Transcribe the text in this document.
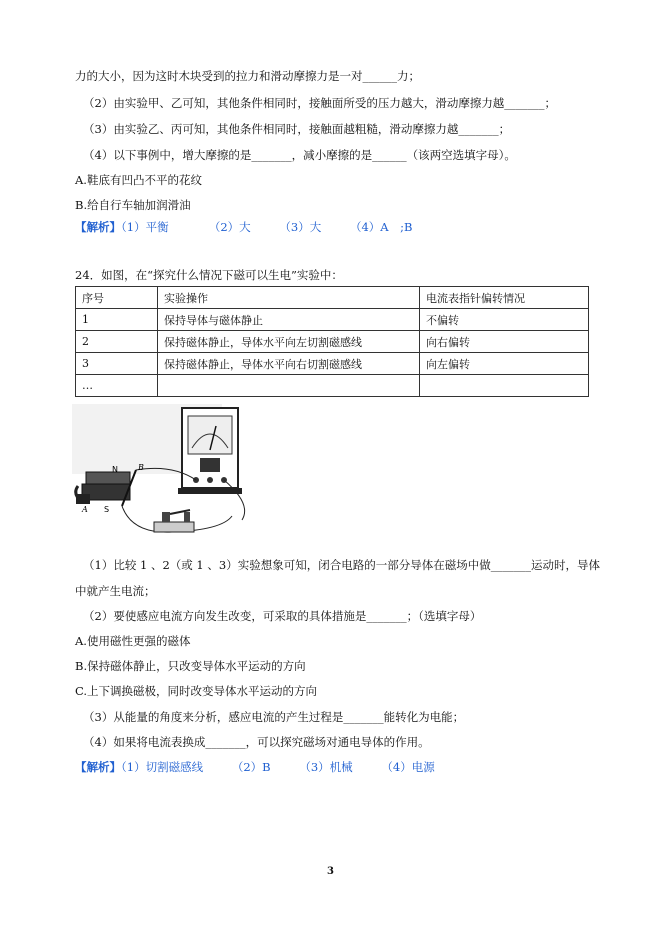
力的大小，因为这时木块受到的拉力和滑动摩擦力是一对______力；
（2）由实验甲、乙可知，其他条件相同时，接触面所受的压力越大，滑动摩擦力越_______；
（3）由实验乙、丙可知，其他条件相同时，接触面越粗糙，滑动摩擦力越_______；
（4）以下事例中，增大摩擦的是_______，减小摩擦的是______（该两空选填字母）。
A.鞋底有凹凸不平的花纹
B.给自行车轴加润滑油
【解析】（1）平衡　　　　（2）大　　　（3）大　　　（4）A　;B
24．如图，在“探究什么情况下磁可以生电”实验中：
序号	实验操作	电流表指针偏转情况
1	保持导体与磁体静止	不偏转
2	保持磁体静止，导体水平向左切割磁感线	向右偏转
3	保持磁体静止，导体水平向右切割磁感线	向左偏转
…		
N	B
A S
（1）比较 1 、2（或 1 、3）实验想象可知，闭合电路的一部分导体在磁场中做_______运动时，导体
中就产生电流；
（2）要使感应电流方向发生改变，可采取的具体措施是_______；（选填字母）
A.使用磁性更强的磁体
B.保持磁体静止，只改变导体水平运动的方向
C.上下调换磁极，同时改变导体水平运动的方向
（3）从能量的角度来分析，感应电流的产生过程是_______能转化为电能；
（4）如果将电流表换成_______，可以探究磁场对通电导体的作用。
【解析】（1）切割磁感线　　　（2）B　　　（3）机械　　　（4）电源
3
